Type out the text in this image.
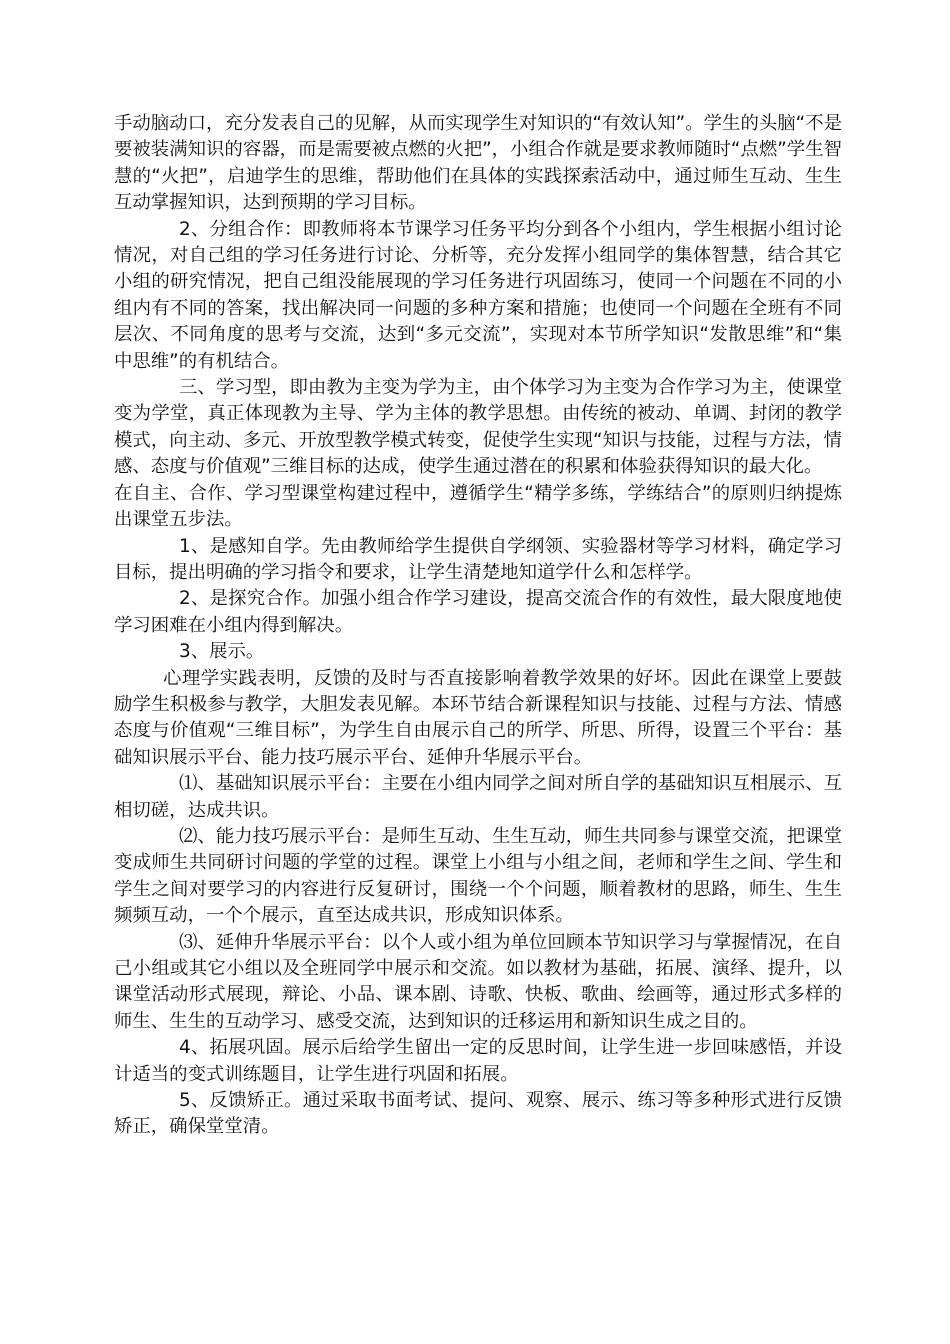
手动脑动口，充分发表自己的见解，从而实现学生对知识的“有效认知”。学生的头脑“不是要被装满知识的容器，而是需要被点燃的火把”，小组合作就是要求教师随时“点燃”学生智慧的“火把”，启迪学生的思维，帮助他们在具体的实践探索活动中，通过师生互动、生生互动掌握知识，达到预期的学习目标。

2、分组合作：即教师将本节课学习任务平均分到各个小组内，学生根据小组讨论情况，对自己组的学习任务进行讨论、分析等，充分发挥小组同学的集体智慧，结合其它小组的研究情况，把自己组没能展现的学习任务进行巩固练习，使同一个问题在不同的小组内有不同的答案，找出解决同一问题的多种方案和措施；也使同一个问题在全班有不同层次、不同角度的思考与交流，达到“多元交流”，实现对本节所学知识“发散思维”和“集中思维”的有机结合。

三、学习型，即由教为主变为学为主，由个体学习为主变为合作学习为主，使课堂变为学堂，真正体现教为主导、学为主体的教学思想。由传统的被动、单调、封闭的教学模式，向主动、多元、开放型教学模式转变，促使学生实现“知识与技能，过程与方法，情感、态度与价值观”三维目标的达成，使学生通过潜在的积累和体验获得知识的最大化。

在自主、合作、学习型课堂构建过程中，遵循学生“精学多练，学练结合”的原则归纳提炼出课堂五步法。

1、是感知自学。先由教师给学生提供自学纲领、实验器材等学习材料，确定学习目标，提出明确的学习指令和要求，让学生清楚地知道学什么和怎样学。

2、是探究合作。加强小组合作学习建设，提高交流合作的有效性，最大限度地使学习困难在小组内得到解决。

3、展示。

心理学实践表明，反馈的及时与否直接影响着教学效果的好坏。因此在课堂上要鼓励学生积极参与教学，大胆发表见解。本环节结合新课程知识与技能、过程与方法、情感态度与价值观“三维目标”，为学生自由展示自己的所学、所思、所得，设置三个平台：基础知识展示平台、能力技巧展示平台、延伸升华展示平台。

⑴、基础知识展示平台：主要在小组内同学之间对所自学的基础知识互相展示、互相切磋，达成共识。

⑵、能力技巧展示平台：是师生互动、生生互动，师生共同参与课堂交流，把课堂变成师生共同研讨问题的学堂的过程。课堂上小组与小组之间，老师和学生之间、学生和学生之间对要学习的内容进行反复研讨，围绕一个个问题，顺着教材的思路，师生、生生频频互动，一个个展示，直至达成共识，形成知识体系。

⑶、延伸升华展示平台：以个人或小组为单位回顾本节知识学习与掌握情况，在自己小组或其它小组以及全班同学中展示和交流。如以教材为基础，拓展、演绎、提升，以课堂活动形式展现，辩论、小品、课本剧、诗歌、快板、歌曲、绘画等，通过形式多样的师生、生生的互动学习、感受交流，达到知识的迁移运用和新知识生成之目的。

4、拓展巩固。展示后给学生留出一定的反思时间，让学生进一步回味感悟，并设计适当的变式训练题目，让学生进行巩固和拓展。

5、反馈矫正。通过采取书面考试、提问、观察、展示、练习等多种形式进行反馈矫正，确保堂堂清。
